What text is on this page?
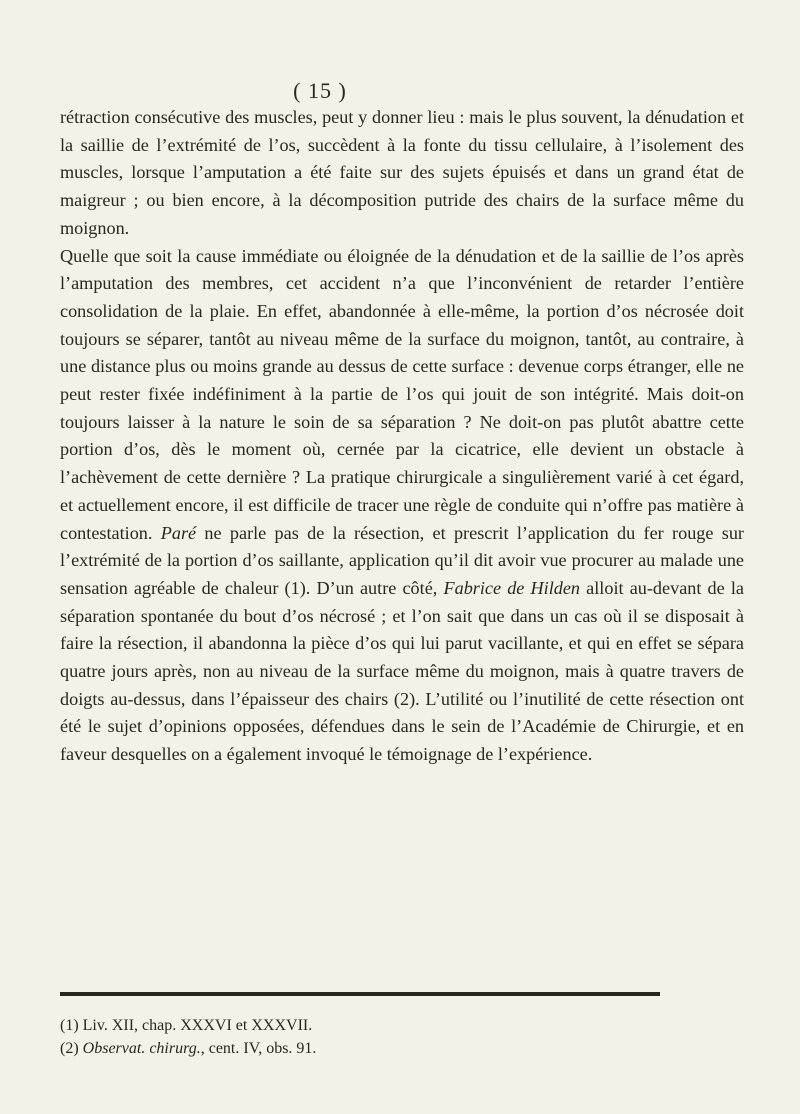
( 15 )

rétraction consécutive des muscles, peut y donner lieu : mais le plus souvent, la dénudation et la saillie de l’extrémité de l’os, succèdent à la fonte du tissu cellulaire, à l’isolement des muscles, lorsque l’amputation a été faite sur des sujets épuisés et dans un grand état de maigreur ; ou bien encore, à la décomposition putride des chairs de la surface même du moignon.

Quelle que soit la cause immédiate ou éloignée de la dénudation et de la saillie de l’os après l’amputation des membres, cet accident n’a que l’inconvénient de retarder l’entière consolidation de la plaie. En effet, abandonnée à elle-même, la portion d’os nécrosée doit toujours se séparer, tantôt au niveau même de la surface du moignon, tantôt, au contraire, à une distance plus ou moins grande au dessus de cette surface : devenue corps étranger, elle ne peut rester fixée indéfiniment à la partie de l’os qui jouit de son intégrité. Mais doit-on toujours laisser à la nature le soin de sa séparation ? Ne doit-on pas plutôt abattre cette portion d’os, dès le moment où, cernée par la cicatrice, elle devient un obstacle à l’achèvement de cette dernière ? La pratique chirurgicale a singulièrement varié à cet égard, et actuellement encore, il est difficile de tracer une règle de conduite qui n’offre pas matière à contestation. Paré ne parle pas de la résection, et prescrit l’application du fer rouge sur l’extrémité de la portion d’os saillante, application qu’il dit avoir vue procurer au malade une sensation agréable de chaleur (1). D’un autre côté, Fabrice de Hilden alloit au-devant de la séparation spontanée du bout d’os nécrosé ; et l’on sait que dans un cas où il se disposait à faire la résection, il abandonna la pièce d’os qui lui parut vacillante, et qui en effet se sépara quatre jours après, non au niveau de la surface même du moignon, mais à quatre travers de doigts au-dessus, dans l’épaisseur des chairs (2). L’utilité ou l’inutilité de cette résection ont été le sujet d’opinions opposées, défendues dans le sein de l’Académie de Chirurgie, et en faveur desquelles on a également invoqué le témoignage de l’expérience.

(1) Liv. XII, chap. XXXVI et XXXVII.

(2) Observat. chirurg., cent. IV, obs. 91.
